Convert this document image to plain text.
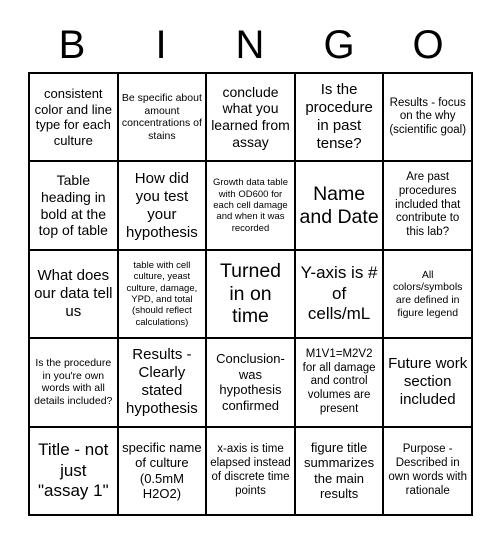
B	I	N	G	O
consistent color and line type for each culture
Be specific about amount concentrations of stains
conclude what you learned from assay
Is the procedure in past tense?
Results - focus on the why (scientific goal)
Table heading in bold at the top of table
How did you test your hypothesis
Growth data table with OD600 for each cell damage and when it was recorded
Name and Date
Are past procedures included that contribute to this lab?
What does our data tell us
table with cell culture, yeast culture, damage, YPD, and total (should reflect calculations)
Turned in on time
Y-axis is # of cells/mL
All colors/symbols are defined in figure legend
Is the procedure in you're own words with all details included?
Results - Clearly stated hypothesis
Conclusion- was hypothesis confirmed
M1V1=M2V2 for all damage and control volumes are present
Future work section included
Title - not just "assay 1"
specific name of culture (0.5mM H2O2)
x-axis is time elapsed instead of discrete time points
figure title summarizes the main results
Purpose - Described in own words with rationale
